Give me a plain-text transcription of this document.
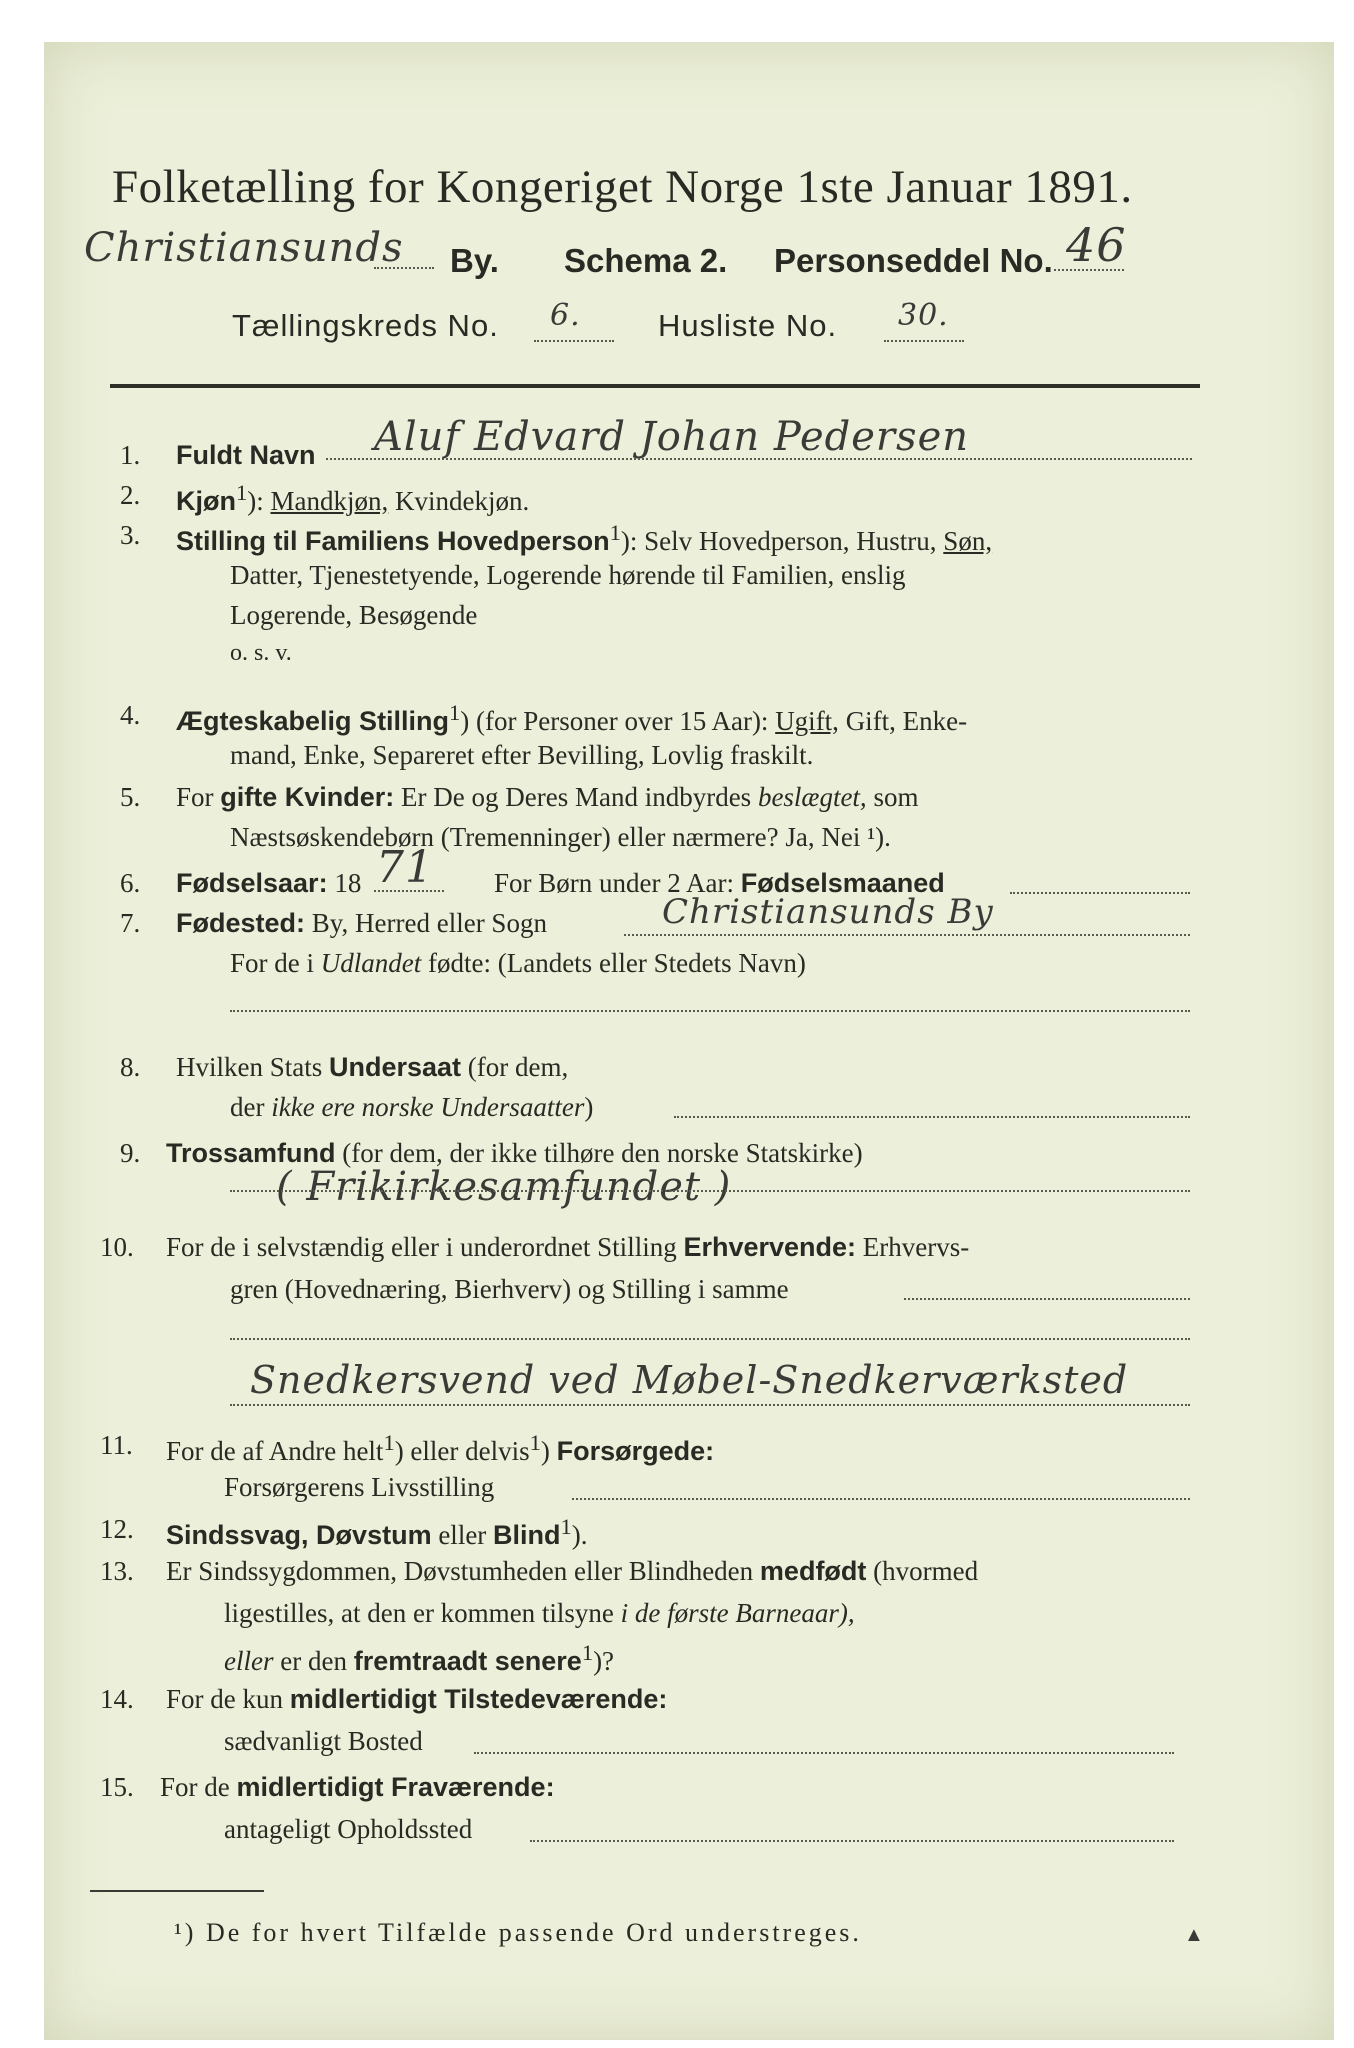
Folketælling for Kongeriget Norge 1ste Januar 1891.
Christiansunds By. Schema 2. Personseddel No. 46
Tællingskreds No. 6. Husliste No. 30.
1. Fuldt Navn Aluf Edvard Johan Pedersen
2. Kjøn$^1$): Mandkjøn, Kvindekjøn.
3. Stilling til Familiens Hovedperson$^1$): Selv Hovedperson, Hustru, Søn,
Datter, Tjenestetyende, Logerende hørende til Familien, enslig
Logerende, Besøgende
o. s. v.
4. Ægteskabelig Stilling$^1$) (for Personer over 15 Aar): Ugift, Gift, Enke-
mand, Enke, Separeret efter Bevilling, Lovlig fraskilt.
5. For gifte Kvinder: Er De og Deres Mand indbyrdes beslægtet, som
Næstsøskendebørn (Tremenninger) eller nærmere? Ja, Nei ¹).
6. Fødselsaar: 18 71 For Børn under 2 Aar: Fødselsmaaned
7. Fødested: By, Herred eller Sogn	Christiansunds By
For de i Udlandet fødte: (Landets eller Stedets Navn)
8. Hvilken Stats Undersaat (for dem,
der ikke ere norske Undersaatter)
9. Trossamfund (for dem, der ikke tilhøre den norske Statskirke)
( Frikirkesamfundet )
10. For de i selvstændig eller i underordnet Stilling Erhvervende: Erhvervs-
gren (Hovednæring, Bierhverv) og Stilling i samme
Snedkersvend ved Møbel-Snedkerværksted
11. For de af Andre helt$^1$) eller delvis$^1$) Forsørgede:
Forsørgerens Livsstilling
12. Sindssvag, Døvstum eller Blind$^1$).
13. Er Sindssygdommen, Døvstumheden eller Blindheden medfødt (hvormed
ligestilles, at den er kommen tilsyne i de første Barneaar),
eller er den fremtraadt senere$^1$)?
14. For de kun midlertidigt Tilstedeværende:
sædvanligt Bosted
15. For de midlertidigt Fraværende:
antageligt Opholdssted
¹) De for hvert Tilfælde passende Ord understreges.	▲
